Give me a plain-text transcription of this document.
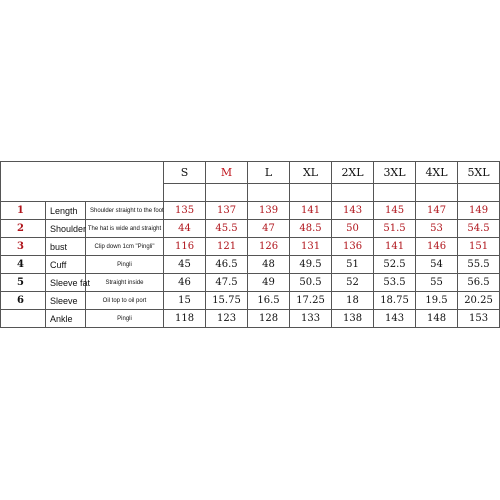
			S	M	L	XL	2XL	3XL	4XL	5XL

1	Length	Shoulder straight to the foot	135	137	139	141	143	145	147	149
2	Shoulder	The hat is wide and straight	44	45.5	47	48.5	50	51.5	53	54.5
3	bust	Clip down 1cm "Pingli"	116	121	126	131	136	141	146	151
4	Cuff	Pingli	45	46.5	48	49.5	51	52.5	54	55.5
5	Sleeve fat	Straight inside	46	47.5	49	50.5	52	53.5	55	56.5
6	Sleeve	Oil top to oil port	15	15.75	16.5	17.25	18	18.75	19.5	20.25
	Ankle	Pingli	118	123	128	133	138	143	148	153
